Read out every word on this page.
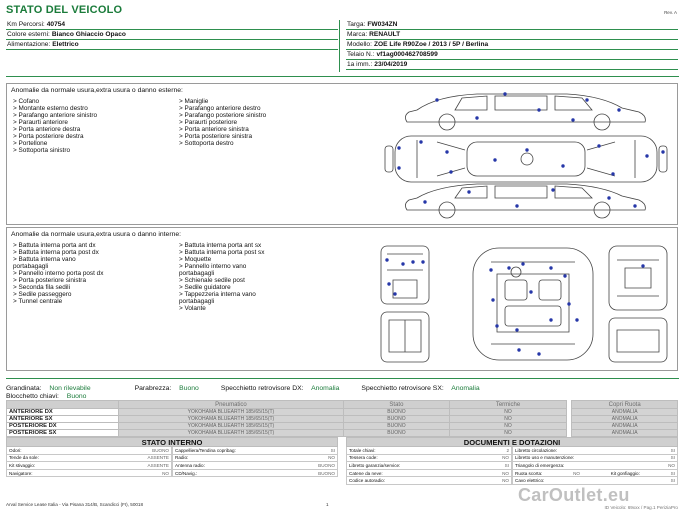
STATO DEL VEICOLO	Rev. A
Km Percorsi: 40754
Colore esterni: Bianco Ghiaccio Opaco
Alimentazione: Elettrico
Targa: FW034ZN
Marca: RENAULT
Modello: ZOE Life R90Zoe / 2013 / 5P / Berlina
Telaio N.: vf1ag000462708599
1a imm.: 23/04/2019
Anomalie da normale usura,extra usura o danno esterne:
> Cofano
> Montante esterno destro
> Parafango anteriore sinistro
> Paraurti anteriore
> Porta anteriore destra
> Porta posteriore destra
> Portellone
> Sottoporta sinistro
> Maniglie
> Parafango anteriore destro
> Parafango posteriore sinistro
> Paraurti posteriore
> Porta anteriore sinistra
> Porta posteriore sinistra
> Sottoporta destro
Anomalie da normale usura,extra usura o danno interne:
> Battuta interna porta ant dx
> Battuta interna porta post dx
> Battuta interna vano
portabagagli
> Pannello interno porta post dx
> Porta posteriore sinistra
> Seconda fila sedili
> Sedile passeggero
> Tunnel centrale
> Battuta interna porta ant sx
> Battuta interna porta post sx
> Moquette
> Pannello interno vano
portabagagli
> Schienale sedile post
> Sedile guidatore
> Tappezzeria interna vano
portabagagli
> Volante
Grandinata: Non rilevabile	Parabrezza: Buono	Specchietto retrovisore DX: Anomalia	Specchietto retrovisore SX: Anomalia
Blocchetto chiavi: Buono
	Pneumatico	Stato	Termiche		Copri Ruota
ANTERIORE DX	YOKOHAMA BLUEARTH 185/65/15(T)	BUONO	NO		ANOMALIA
ANTERIORE SX	YOKOHAMA BLUEARTH 185/65/15(T)	BUONO	NO		ANOMALIA
POSTERIORE DX	YOKOHAMA BLUEARTH 185/65/15(T)	BUONO	NO		ANOMALIA
POSTERIORE SX	YOKOHAMA BLUEARTH 185/65/15(T)	BUONO	NO		ANOMALIA
STATO INTERNO
Odori:	BUONO
Tende da sole:	ASSENTE
Kit stivaggio:	ASSENTE
Navigatore:	NO
Cappelliera/Tendina copribag:	SI
Radio:	NO
Antenna radio:	BUONO
CD/Navig.:	BUONO
DOCUMENTI E DOTAZIONI
Totale chiavi:	2
Tessera code:	NO
Libretto garanzia/service:	SI
Catene da neve:	NO
Codice autoradio:	NO
Libretto circolazione:	SI
Libretto uso e manutenzione:	SI
Triangolo di emergenza:	NO
Ruota scorta:	NO	Kit gonfiaggio:	SI
Cavo elettrico:	SI
Arval Service Lease Italia - Via Pisana 314/B, Scandicci (FI), 50018	1
ID Veicolo: 69xxx / Pag.1 PeriziaPro
CarOutlet.eu
